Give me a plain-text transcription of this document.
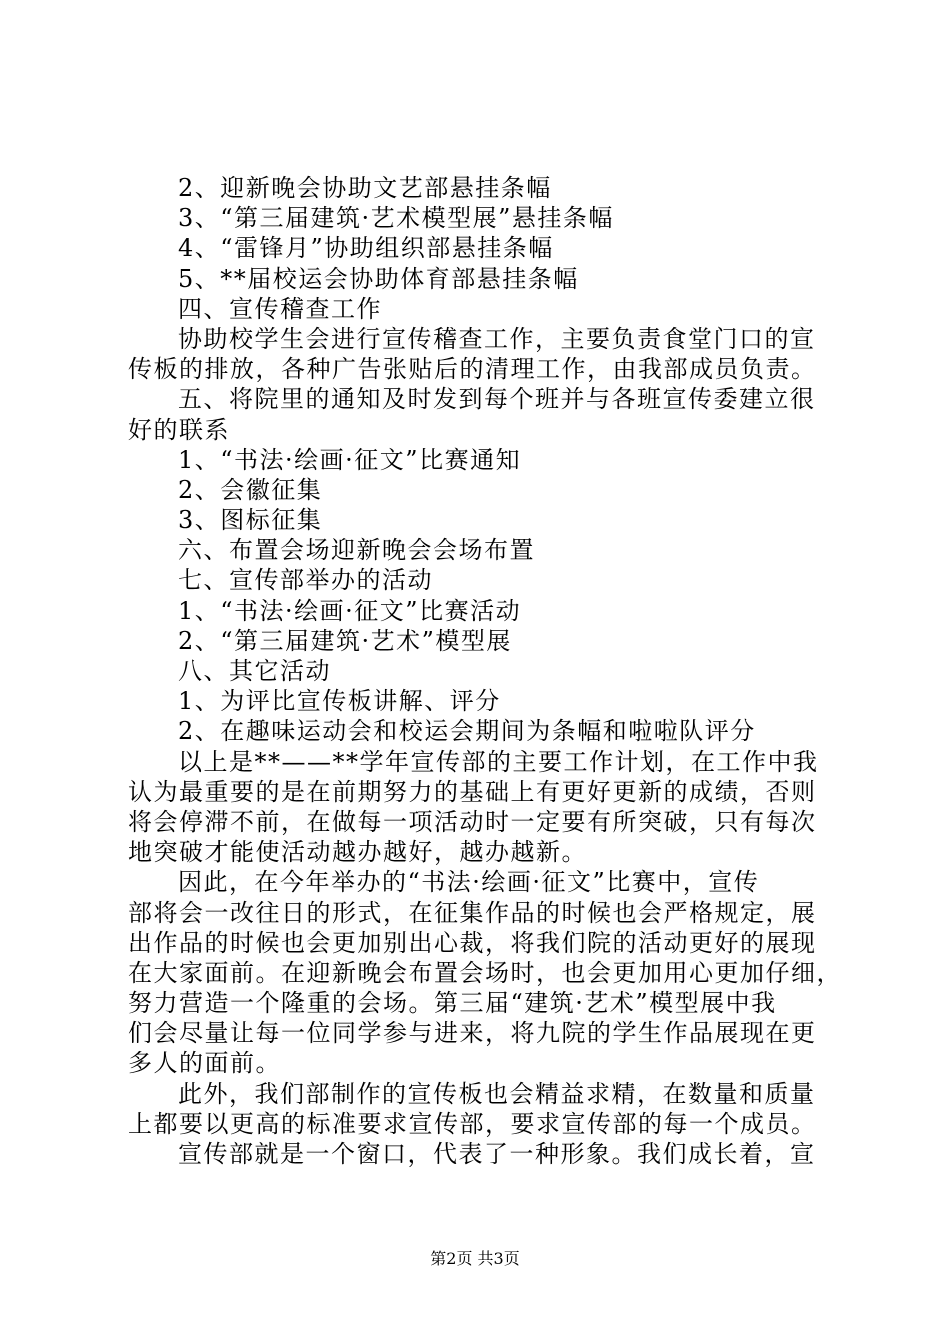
2、迎新晚会协助文艺部悬挂条幅
3、“第三届建筑·艺术模型展”悬挂条幅
4、“雷锋月”协助组织部悬挂条幅
5、**届校运会协助体育部悬挂条幅
四、宣传稽查工作
协助校学生会进行宣传稽查工作，主要负责食堂门口的宣
传板的排放，各种广告张贴后的清理工作，由我部成员负责。
五、将院里的通知及时发到每个班并与各班宣传委建立很
好的联系
1、“书法·绘画·征文”比赛通知
2、会徽征集
3、图标征集
六、布置会场迎新晚会会场布置
七、宣传部举办的活动
1、“书法·绘画·征文”比赛活动
2、“第三届建筑·艺术”模型展
八、其它活动
1、为评比宣传板讲解、评分
2、在趣味运动会和校运会期间为条幅和啦啦队评分
以上是**——**学年宣传部的主要工作计划，在工作中我
认为最重要的是在前期努力的基础上有更好更新的成绩，否则
将会停滞不前，在做每一项活动时一定要有所突破，只有每次
地突破才能使活动越办越好，越办越新。
因此，在今年举办的“书法·绘画·征文”比赛中，宣传
部将会一改往日的形式，在征集作品的时候也会严格规定，展
出作品的时候也会更加别出心裁，将我们院的活动更好的展现
在大家面前。在迎新晚会布置会场时，也会更加用心更加仔细，
努力营造一个隆重的会场。第三届“建筑·艺术”模型展中我
们会尽量让每一位同学参与进来，将九院的学生作品展现在更
多人的面前。
此外，我们部制作的宣传板也会精益求精，在数量和质量
上都要以更高的标准要求宣传部，要求宣传部的每一个成员。
宣传部就是一个窗口，代表了一种形象。我们成长着，宣
第2页 共3页
